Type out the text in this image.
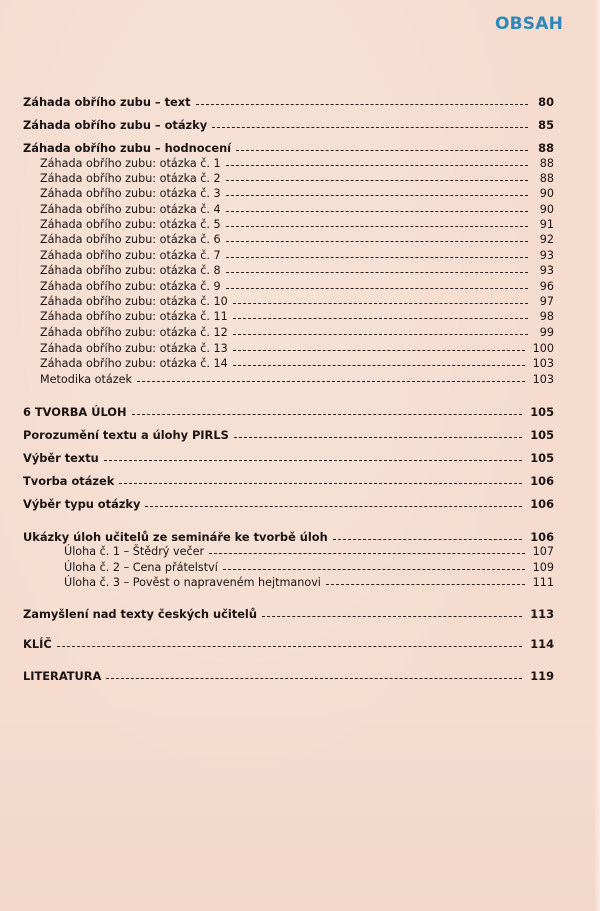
OBSAH
Záhada obřího zubu – text	80
Záhada obřího zubu – otázky	85
Záhada obřího zubu – hodnocení	88
Záhada obřího zubu: otázka č. 1	88
Záhada obřího zubu: otázka č. 2	88
Záhada obřího zubu: otázka č. 3	90
Záhada obřího zubu: otázka č. 4	90
Záhada obřího zubu: otázka č. 5	91
Záhada obřího zubu: otázka č. 6	92
Záhada obřího zubu: otázka č. 7	93
Záhada obřího zubu: otázka č. 8	93
Záhada obřího zubu: otázka č. 9	96
Záhada obřího zubu: otázka č. 10	97
Záhada obřího zubu: otázka č. 11	98
Záhada obřího zubu: otázka č. 12	99
Záhada obřího zubu: otázka č. 13	100
Záhada obřího zubu: otázka č. 14	103
Metodika otázek	103
6 TVORBA ÚLOH	105
Porozumění textu a úlohy PIRLS	105
Výběr textu	105
Tvorba otázek	106
Výběr typu otázky	106
Ukázky úloh učitelů ze semináře ke tvorbě úloh	106
Úloha č. 1 – Štědrý večer	107
Úloha č. 2 – Cena přátelství	109
Úloha č. 3 – Pověst o napraveném hejtmanovi	111
Zamyšlení nad texty českých učitelů	113
KLÍČ	114
LITERATURA	119
